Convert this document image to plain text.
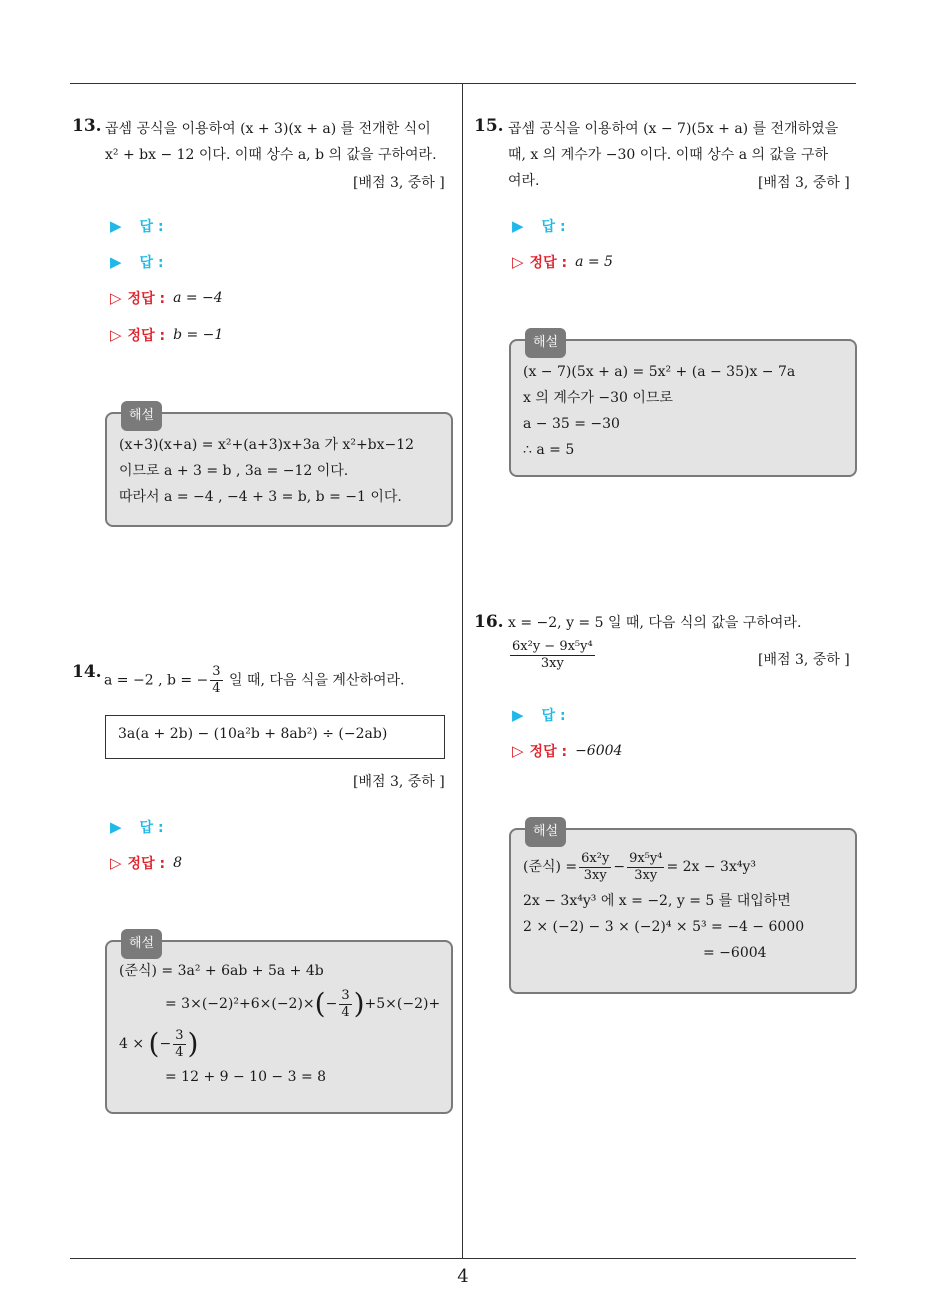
13. 곱셈 공식을 이용하여 (x + 3)(x + a) 를 전개한 식이
x² + bx − 12 이다. 이때 상수 a, b 의 값을 구하여라.
[배점 3, 중하 ]
▶ 답 :
▶ 답 :
▷ 정답 : a = −4
▷ 정답 : b = −1
해설
(x+3)(x+a) = x²+(a+3)x+3a 가 x²+bx−12
이므로 a + 3 = b , 3a = −12 이다.
따라서 a = −4 , −4 + 3 = b, b = −1 이다.
14. a = −2 , b = − $\frac{3}{4}$ 일 때, 다음 식을 계산하여라.
3a(a + 2b) − (10a²b + 8ab²) ÷ (−2ab)
[배점 3, 중하 ]
▶ 답 :
▷ 정답 : 8
해설
(준식) = 3a² + 6ab + 5a + 4b
= 3×(−2)²+6×(−2)× ( − $\frac{3}{4}$ ) +5×(−2)+
4 ×
( − $\frac{3}{4}$ )
= 12 + 9 − 10 − 3 = 8
15. 곱셈 공식을 이용하여 (x − 7)(5x + a) 를 전개하였을
때, x 의 계수가 −30 이다. 이때 상수 a 의 값을 구하
여라.	[배점 3, 중하 ]
▶ 답 :
▷ 정답 : a = 5
해설
(x − 7)(5x + a) = 5x² + (a − 35)x − 7a
x 의 계수가 −30 이므로
a − 35 = −30
∴ a = 5
16. x = −2, y = 5 일 때, 다음 식의 값을 구하여라.
$\frac{\text{6x²y − 9x⁵y⁴}}{3xy}$	[배점 3, 중하 ]
▶ 답 :
▷ 정답 : −6004
해설
(준식) = $\frac{\text{6x²y}}{3xy} - \frac{\text{9x⁵y⁴}}{3xy} = 2x - 3x^4y^3$
2x − 3x⁴y³ 에 x = −2, y = 5 를 대입하면
2 × (−2) − 3 × (−2)⁴ × 5³ = −4 − 6000
= −6004
4
